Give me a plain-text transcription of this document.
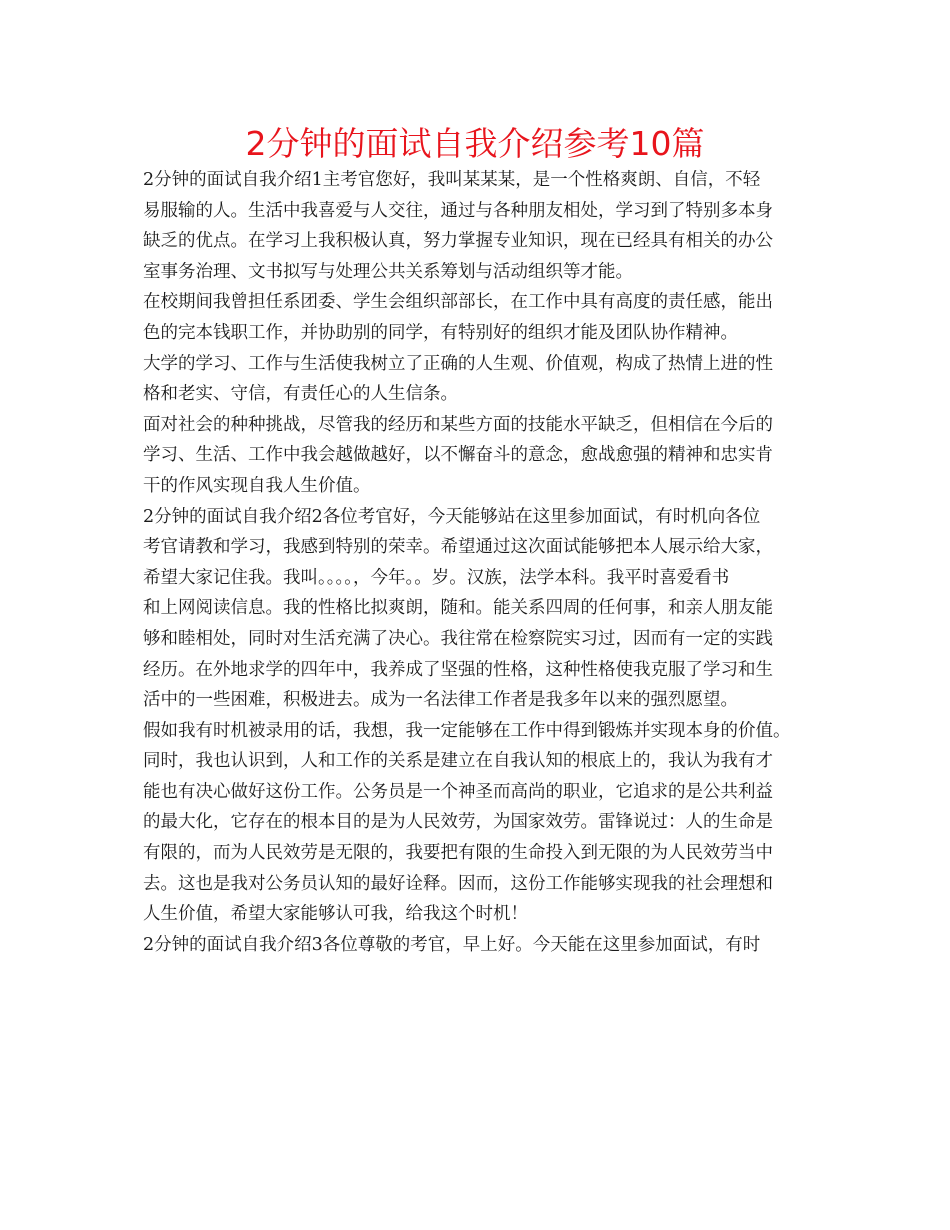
2分钟的面试自我介绍参考10篇
2分钟的面试自我介绍1主考官您好，我叫某某某，是一个性格爽朗、自信，不轻
易服输的人。生活中我喜爱与人交往，通过与各种朋友相处，学习到了特别多本身
缺乏的优点。在学习上我积极认真，努力掌握专业知识，现在已经具有相关的办公
室事务治理、文书拟写与处理公共关系筹划与活动组织等才能。
在校期间我曾担任系团委、学生会组织部部长，在工作中具有高度的责任感，能出
色的完本钱职工作，并协助别的同学，有特别好的组织才能及团队协作精神。
大学的学习、工作与生活使我树立了正确的人生观、价值观，构成了热情上进的性
格和老实、守信，有责任心的人生信条。
面对社会的种种挑战，尽管我的经历和某些方面的技能水平缺乏，但相信在今后的
学习、生活、工作中我会越做越好，以不懈奋斗的意念，愈战愈强的精神和忠实肯
干的作风实现自我人生价值。
2分钟的面试自我介绍2各位考官好，今天能够站在这里参加面试，有时机向各位
考官请教和学习，我感到特别的荣幸。希望通过这次面试能够把本人展示给大家，
希望大家记住我。我叫。。。。，今年。。岁。汉族，法学本科。我平时喜爱看书
和上网阅读信息。我的性格比拟爽朗，随和。能关系四周的任何事，和亲人朋友能
够和睦相处，同时对生活充满了决心。我往常在检察院实习过，因而有一定的实践
经历。在外地求学的四年中，我养成了坚强的性格，这种性格使我克服了学习和生
活中的一些困难，积极进去。成为一名法律工作者是我多年以来的强烈愿望。
假如我有时机被录用的话，我想，我一定能够在工作中得到锻炼并实现本身的价值。
同时，我也认识到，人和工作的关系是建立在自我认知的根底上的，我认为我有才
能也有决心做好这份工作。公务员是一个神圣而高尚的职业，它追求的是公共利益
的最大化，它存在的根本目的是为人民效劳，为国家效劳。雷锋说过：人的生命是
有限的，而为人民效劳是无限的，我要把有限的生命投入到无限的为人民效劳当中
去。这也是我对公务员认知的最好诠释。因而，这份工作能够实现我的社会理想和
人生价值，希望大家能够认可我，给我这个时机！
2分钟的面试自我介绍3各位尊敬的考官，早上好。今天能在这里参加面试，有时
